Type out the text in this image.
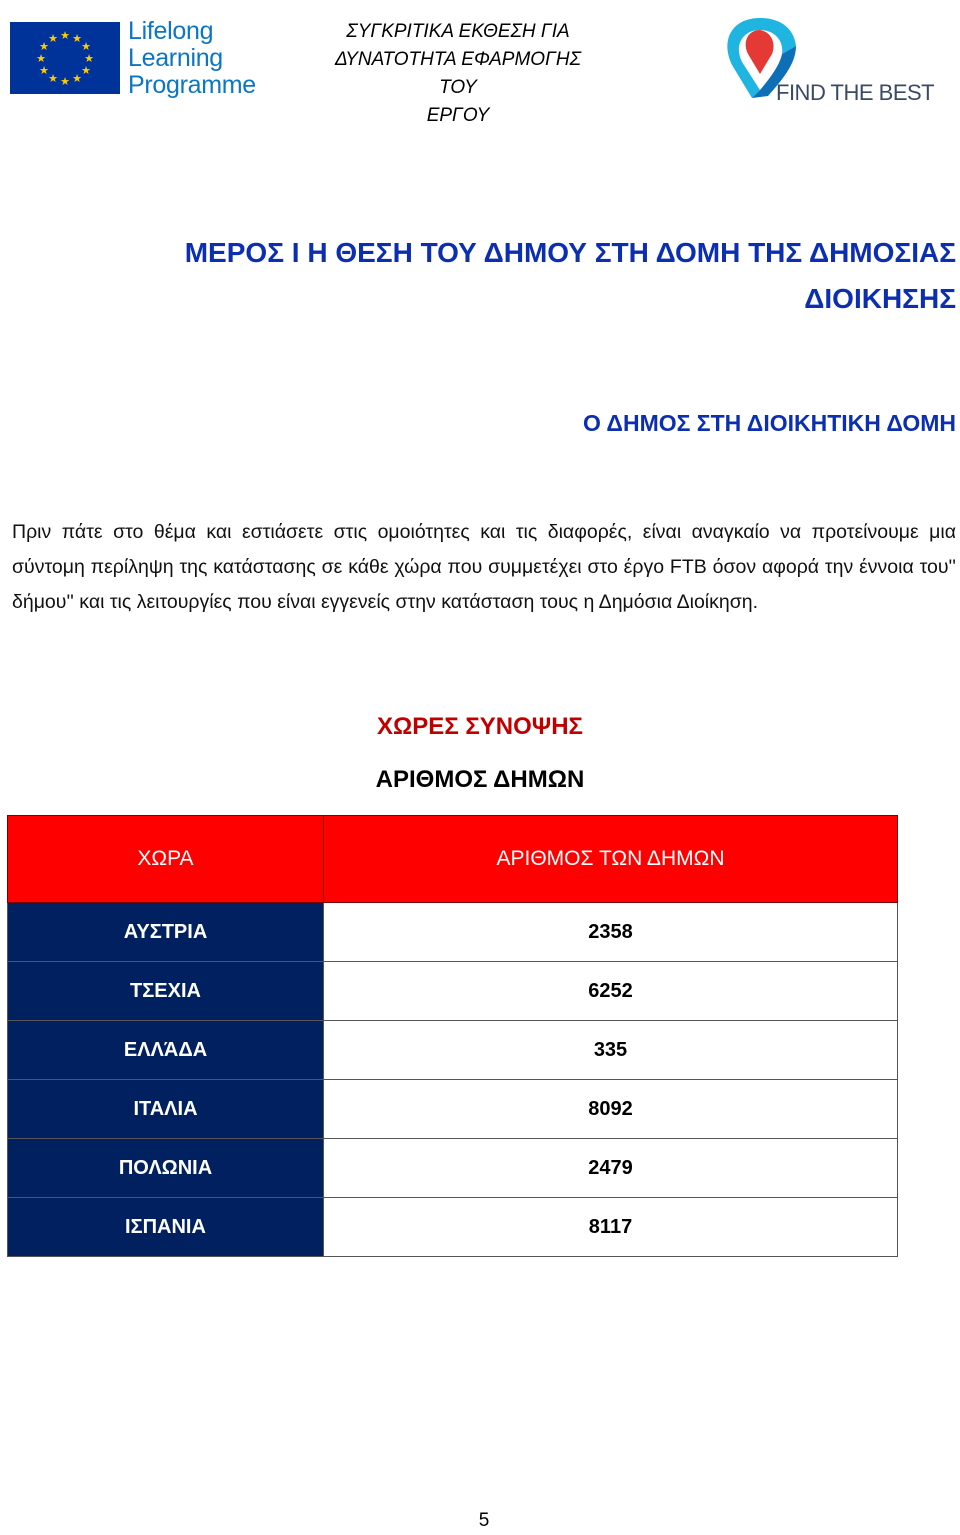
★ ★
★
★
★
★
★
★
★
★
★
★	Lifelong
Learning
Programme
ΣΥΓΚΡΙΤΙΚΑ ΕΚΘΕΣΗ ΓΙΑ
ΔΥΝΑΤΟΤΗΤΑ ΕΦΑΡΜΟΓΗΣ ΤΟΥ
ΕΡΓΟΥ
FIND THE BEST
ΜΕΡΟΣ Ι Η ΘΕΣΗ ΤΟΥ ΔΗΜΟΥ ΣΤΗ ΔΟΜΗ ΤΗΣ ΔΗΜΟΣΙΑΣ
ΔΙΟΙΚΗΣΗΣ
Ο ΔΗΜΟΣ ΣΤΗ ΔΙΟΙΚΗΤΙΚΗ ΔΟΜΗ
Πριν πάτε στο θέμα και εστιάσετε στις ομοιότητες και τις διαφορές, είναι αναγκαίο να προτείνουμε μια σύντομη περίληψη της κατάστασης σε κάθε χώρα που συμμετέχει στο έργο FTB όσον αφορά την έννοια του'' δήμου'' και τις λειτουργίες που είναι εγγενείς στην κατάσταση τους η Δημόσια Διοίκηση.
ΧΩΡΕΣ ΣΥΝΟΨΗΣ
ΑΡΙΘΜΟΣ ΔΗΜΩΝ
ΧΩΡΑ	ΑΡΙΘΜΟΣ ΤΩΝ ΔΗΜΩΝ
ΑΥΣΤΡΙΑ	2358
ΤΣΕΧΙΑ	6252
ΕΛΛΆΔΑ	335
ΙΤΑΛΙΑ	8092
ΠΟΛΩΝΙΑ	2479
ΙΣΠΑΝΙΑ	8117
5
